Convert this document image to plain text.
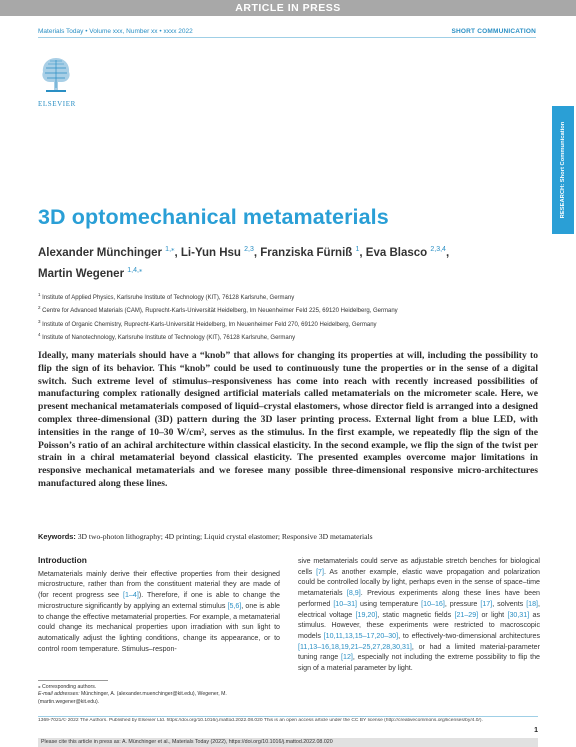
ARTICLE IN PRESS
Materials Today • Volume xxx, Number xx • xxxx 2022	SHORT COMMUNICATION
ELSEVIER
RESEARCH: Short Communication
3D optomechanical metamaterials
Alexander Münchinger $^{1,⁎}$, Li-Yun Hsu $^{2,3}$, Franziska Fürniß $^1$, Eva Blasco $^{2,3,4}$,
Martin Wegener $^{1,4,⁎}$
$^1$ Institute of Applied Physics, Karlsruhe Institute of Technology (KIT), 76128 Karlsruhe, Germany
$^2$ Centre for Advanced Materials (CAM), Ruprecht-Karls-Universität Heidelberg, Im Neuenheimer Feld 225, 69120 Heidelberg, Germany
$^3$ Institute of Organic Chemistry, Ruprecht-Karls-Universität Heidelberg, Im Neuenheimer Feld 270, 69120 Heidelberg, Germany
$^4$ Institute of Nanotechnology, Karlsruhe Institute of Technology (KIT), 76128 Karlsruhe, Germany

Ideally, many materials should have a “knob” that allows for changing its properties at will, including the possibility to flip the sign of its behavior. This “knob” could be used to continuously tune the properties or in the sense of a digital switch. Such extreme level of stimulus–responsiveness has come into reach with recently increased possibilities of manufacturing complex rationally designed artificial materials called metamaterials on the micrometer scale. Here, we present mechanical metamaterials composed of liquid–crystal elastomers, whose director field is arranged into a designed complex three-dimensional (3D) pattern during the 3D laser printing process. External light from a blue LED, with intensities in the range of 10–30 W/cm², serves as the stimulus. In the first example, we repeatedly flip the sign of the Poisson’s ratio of an achiral architecture within classical elasticity. In the second example, we flip the sign of the twist per strain in a chiral metamaterial beyond classical elasticity. The presented examples overcome major limitations in responsive mechanical metamaterials and we foresee many possible three-dimensional responsive micro-architectures manufactured along these lines.

Keywords: 3D two-photon lithography; 4D printing; Liquid crystal elastomer; Responsive 3D metamaterials
Introduction

Metamaterials mainly derive their effective properties from their designed microstructure, rather than from the constituent material they are made of (for recent progress see [1–4]). Therefore, if one is able to change the microstructure significantly by applying an external stimulus [5,6], one is able to change the effective metamaterial properties. For example, a metamaterial could change its mechanical properties upon irradiation with sun light to automatically adjust the lighting conditions, change its appearance, or to control room temperature. Stimulus–respon-

sive metamaterials could serve as adjustable stretch benches for biological cells [7]. As another example, elastic wave propagation and polarization could be controlled locally by light, perhaps even in the sense of space–time metamaterials [8,9]. Previous experiments along these lines have been performed [10–31] using temperature [10–16], pressure [17], solvents [18], electrical voltage [19,20], static magnetic fields [21–29] or light [30,31] as stimulus. However, these experiments were restricted to macroscopic models [10,11,13,15–17,20–30], to effectively-two-dimensional architectures [11,13–16,18,19,21–25,27,28,30,31], or had a limited material-parameter tuning range [12], especially not including the extreme possibility to flip the sign of a material parameter by light.

⁎ Corresponding authors.
E-mail addresses: Münchinger, A. (alexander.muenchinger@kit.edu), Wegener, M. (martin.wegener@kit.edu).
1369-7021/© 2022 The Authors. Published by Elsevier Ltd. https://doi.org/10.1016/j.mattod.2022.08.020 This is an open access article under the CC BY license (http://creativecommons.org/licenses/by/4.0/).
1
Please cite this article in press as: A. Münchinger et al., Materials Today (2022), https://doi.org/10.1016/j.mattod.2022.08.020
